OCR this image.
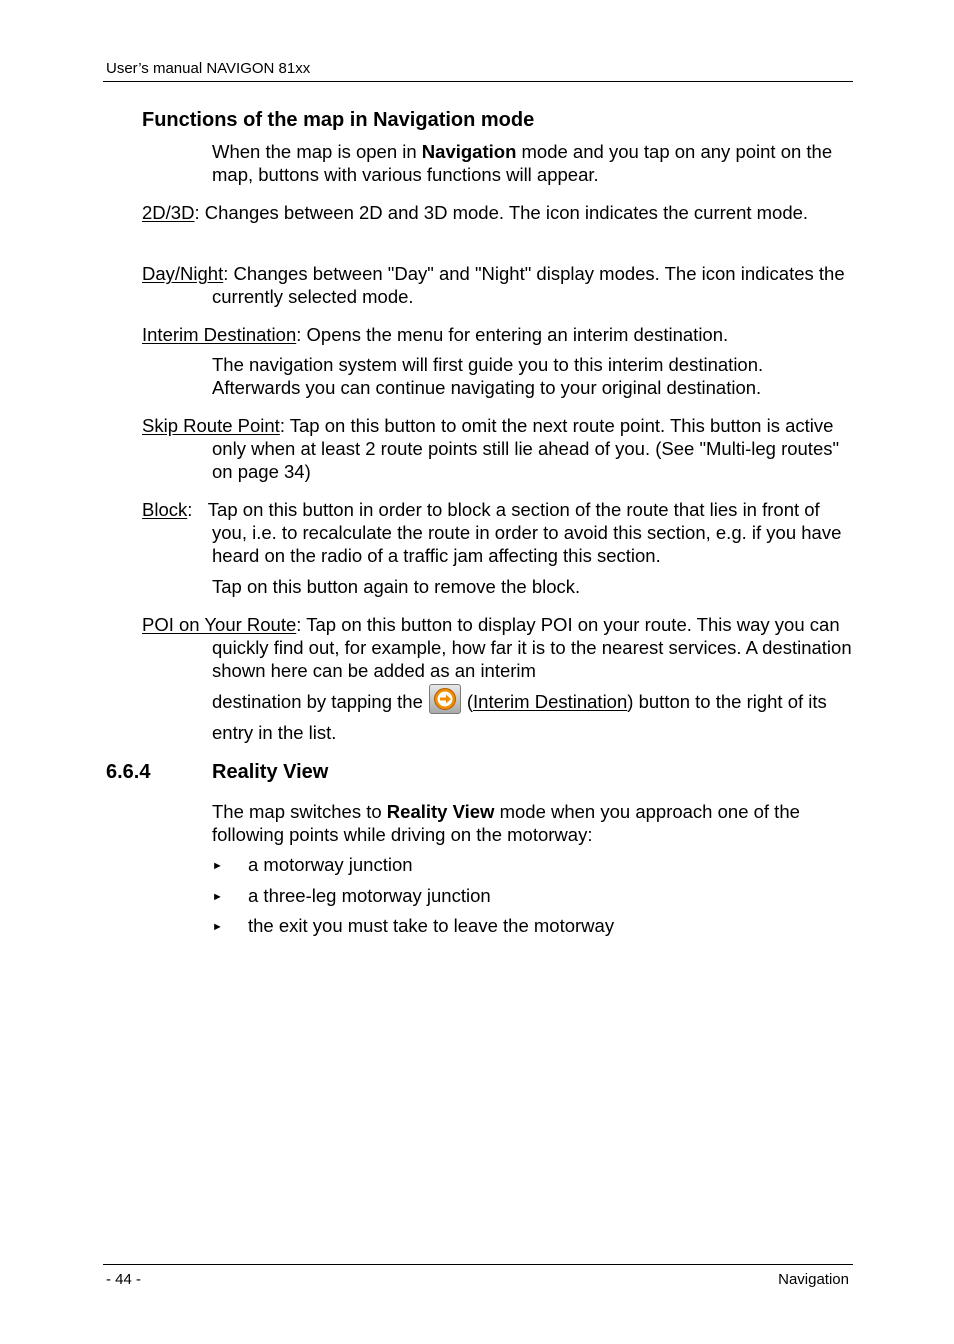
User’s manual NAVIGON 81xx
Functions of the map in Navigation mode
When the map is open in Navigation mode and you tap on any point on the map, buttons with various functions will appear.
2D/3D: Changes between 2D and 3D mode. The icon indicates the current mode.
Day/Night: Changes between "Day" and "Night" display modes. The icon indicates the currently selected mode.
Interim Destination: Opens the menu for entering an interim destination.
The navigation system will first guide you to this interim destination. Afterwards you can continue navigating to your original destination.
Skip Route Point: Tap on this button to omit the next route point. This button is active only when at least 2 route points still lie ahead of you. (See "Multi-leg routes" on page 34)
Block:   Tap on this button in order to block a section of the route that lies in front of you, i.e. to recalculate the route in order to avoid this section, e.g. if you have heard on the radio of a traffic jam affecting this section.
Tap on this button again to remove the block.
POI on Your Route: Tap on this button to display POI on your route. This way you can quickly find out, for example, how far it is to the nearest services. A destination shown here can be added as an interim
destination by tapping the (Interim Destination) button to the right of its entry in the list.
6.6.4	Reality View
The map switches to Reality View mode when you approach one of the following points while driving on the motorway:
► a motorway junction
► a three-leg motorway junction
► the exit you must take to leave the motorway
- 44 -	Navigation
